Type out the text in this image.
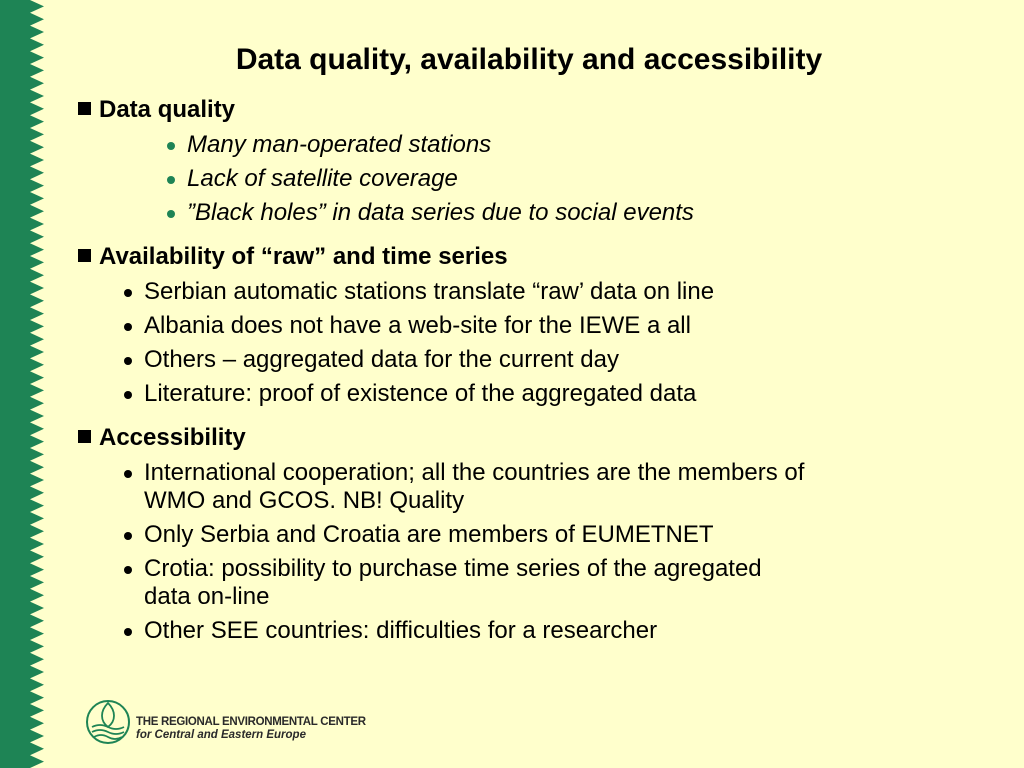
Data quality, availability and accessibility
Data quality
Many man-operated stations
Lack of satellite coverage
”Black holes” in data series due to social events
Availability of “raw” and time series
Serbian automatic stations translate “raw’ data on line
Albania does not have a web-site for the IEWE a all
Others – aggregated data for the current day
Literature: proof of existence of the aggregated data
Accessibility
International cooperation; all the countries are the members of
WMO and GCOS. NB! Quality
Only Serbia and Croatia are members of EUMETNET
Crotia: possibility to purchase time series of the agregated
data on-line
Other SEE countries: difficulties for a researcher
THE REGIONAL ENVIRONMENTAL CENTER
for Central and Eastern Europe
